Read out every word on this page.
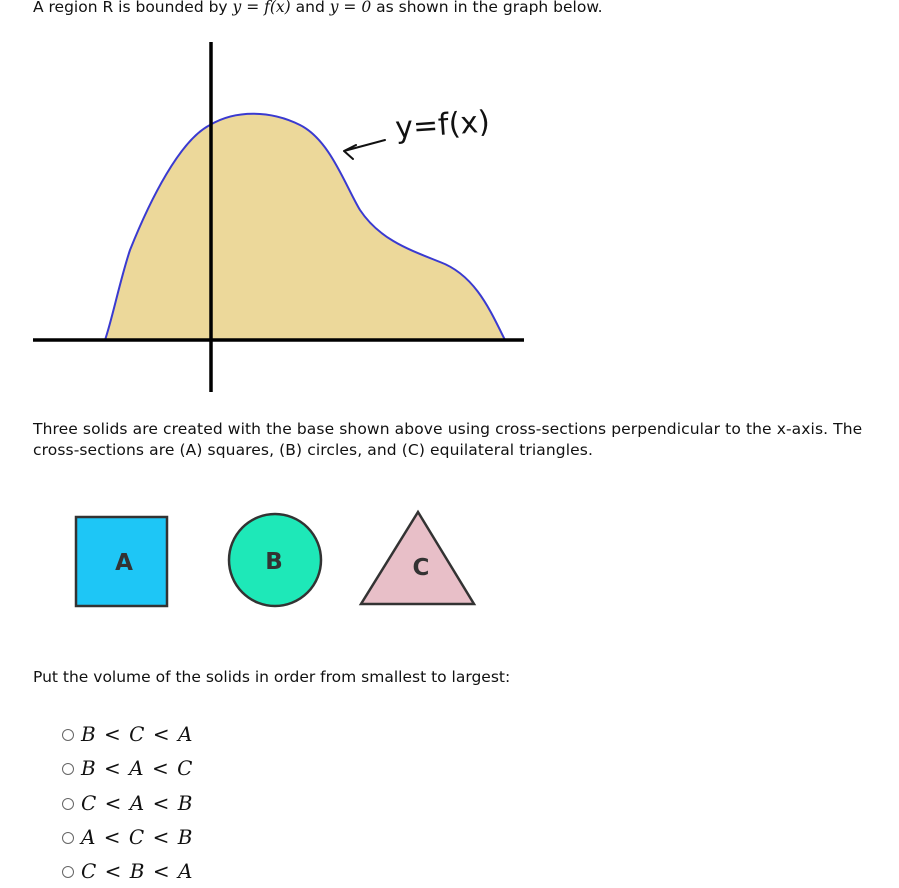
A region R is bounded by y = f(x) and y = 0 as shown in the graph below.
y=f(x)
Three solids are created with the base shown above using cross-sections perpendicular to the x-axis. The cross-sections are (A) squares, (B) circles, and (C) equilateral triangles.
A	B	C
Put the volume of the solids in order from smallest to largest:
B < C < A
B < A < C
C < A < B
A < C < B
C < B < A
